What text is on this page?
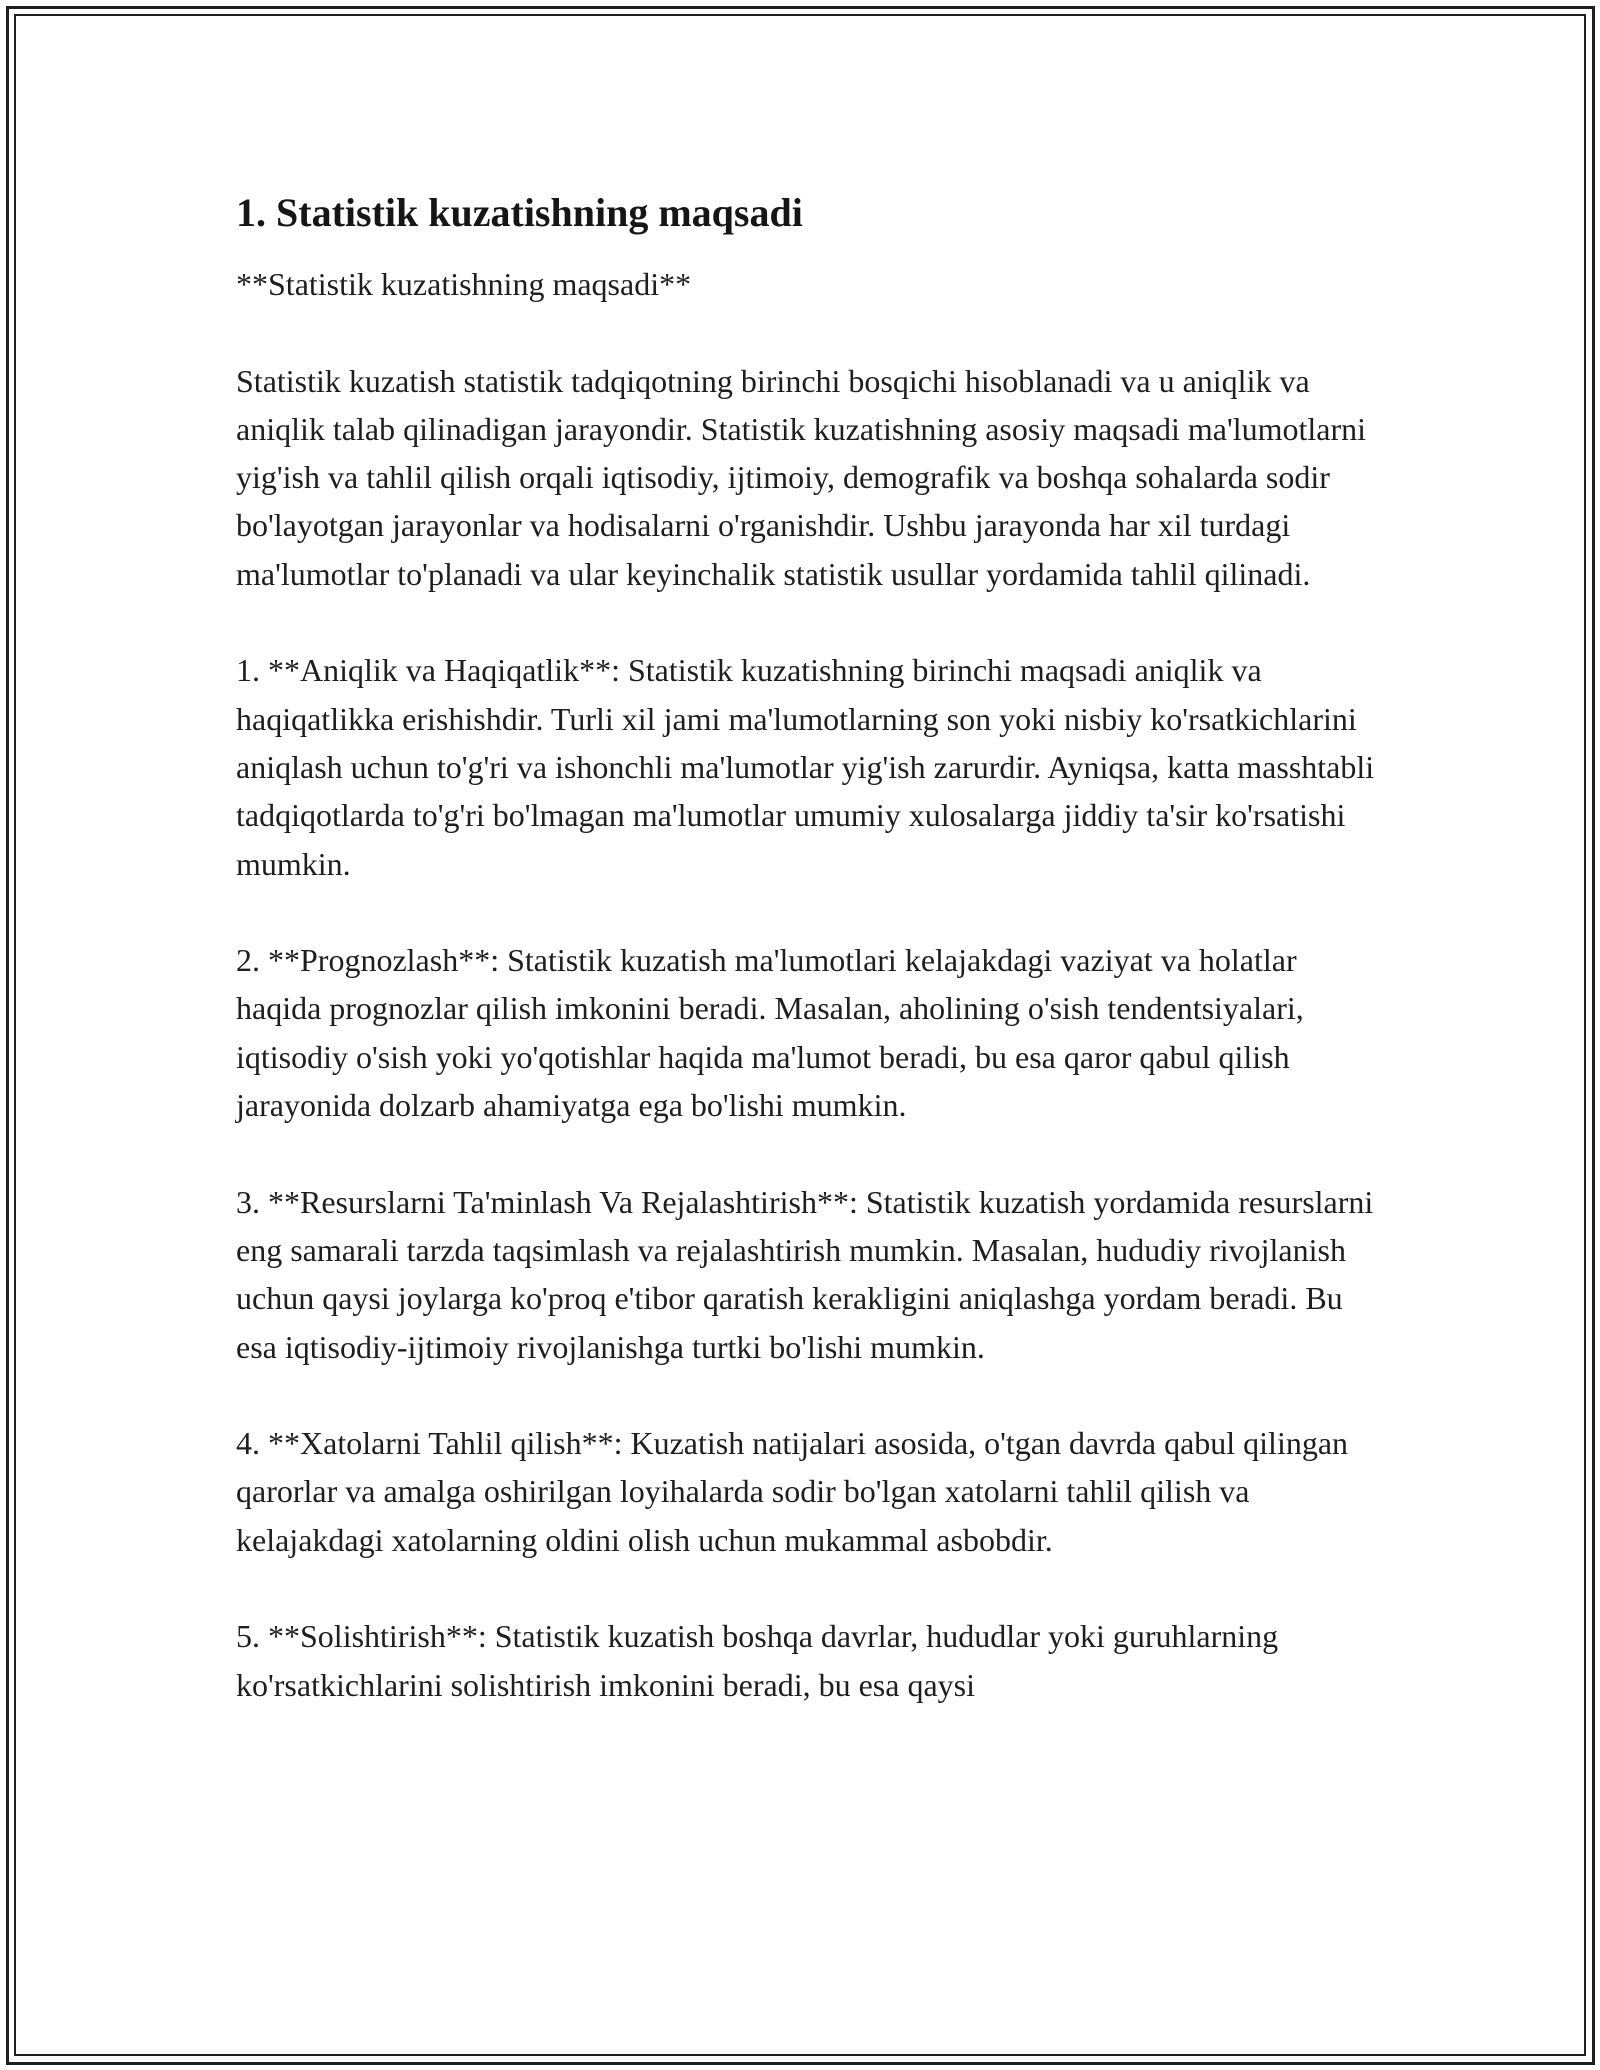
1. Statistik kuzatishning maqsadi

**Statistik kuzatishning maqsadi**

Statistik kuzatish statistik tadqiqotning birinchi bosqichi hisoblanadi va u aniqlik va aniqlik talab qilinadigan jarayondir. Statistik kuzatishning asosiy maqsadi ma'lumotlarni yig'ish va tahlil qilish orqali iqtisodiy, ijtimoiy, demografik va boshqa sohalarda sodir bo'layotgan jarayonlar va hodisalarni o'rganishdir. Ushbu jarayonda har xil turdagi ma'lumotlar to'planadi va ular keyinchalik statistik usullar yordamida tahlil qilinadi.

1. **Aniqlik va Haqiqatlik**: Statistik kuzatishning birinchi maqsadi aniqlik va haqiqatlikka erishishdir. Turli xil jami ma'lumotlarning son yoki nisbiy ko'rsatkichlarini aniqlash uchun to'g'ri va ishonchli ma'lumotlar yig'ish zarurdir. Ayniqsa, katta masshtabli tadqiqotlarda to'g'ri bo'lmagan ma'lumotlar umumiy xulosalarga jiddiy ta'sir ko'rsatishi mumkin.

2. **Prognozlash**: Statistik kuzatish ma'lumotlari kelajakdagi vaziyat va holatlar haqida prognozlar qilish imkonini beradi. Masalan, aholining o'sish tendentsiyalari, iqtisodiy o'sish yoki yo'qotishlar haqida ma'lumot beradi, bu esa qaror qabul qilish jarayonida dolzarb ahamiyatga ega bo'lishi mumkin.

3. **Resurslarni Ta'minlash Va Rejalashtirish**: Statistik kuzatish yordamida resurslarni eng samarali tarzda taqsimlash va rejalashtirish mumkin. Masalan, hududiy rivojlanish uchun qaysi joylarga ko'proq e'tibor qaratish kerakligini aniqlashga yordam beradi. Bu esa iqtisodiy-ijtimoiy rivojlanishga turtki bo'lishi mumkin.

4. **Xatolarni Tahlil qilish**: Kuzatish natijalari asosida, o'tgan davrda qabul qilingan qarorlar va amalga oshirilgan loyihalarda sodir bo'lgan xatolarni tahlil qilish va kelajakdagi xatolarning oldini olish uchun mukammal asbobdir.

5. **Solishtirish**: Statistik kuzatish boshqa davrlar, hududlar yoki guruhlarning ko'rsatkichlarini solishtirish imkonini beradi, bu esa qaysi
